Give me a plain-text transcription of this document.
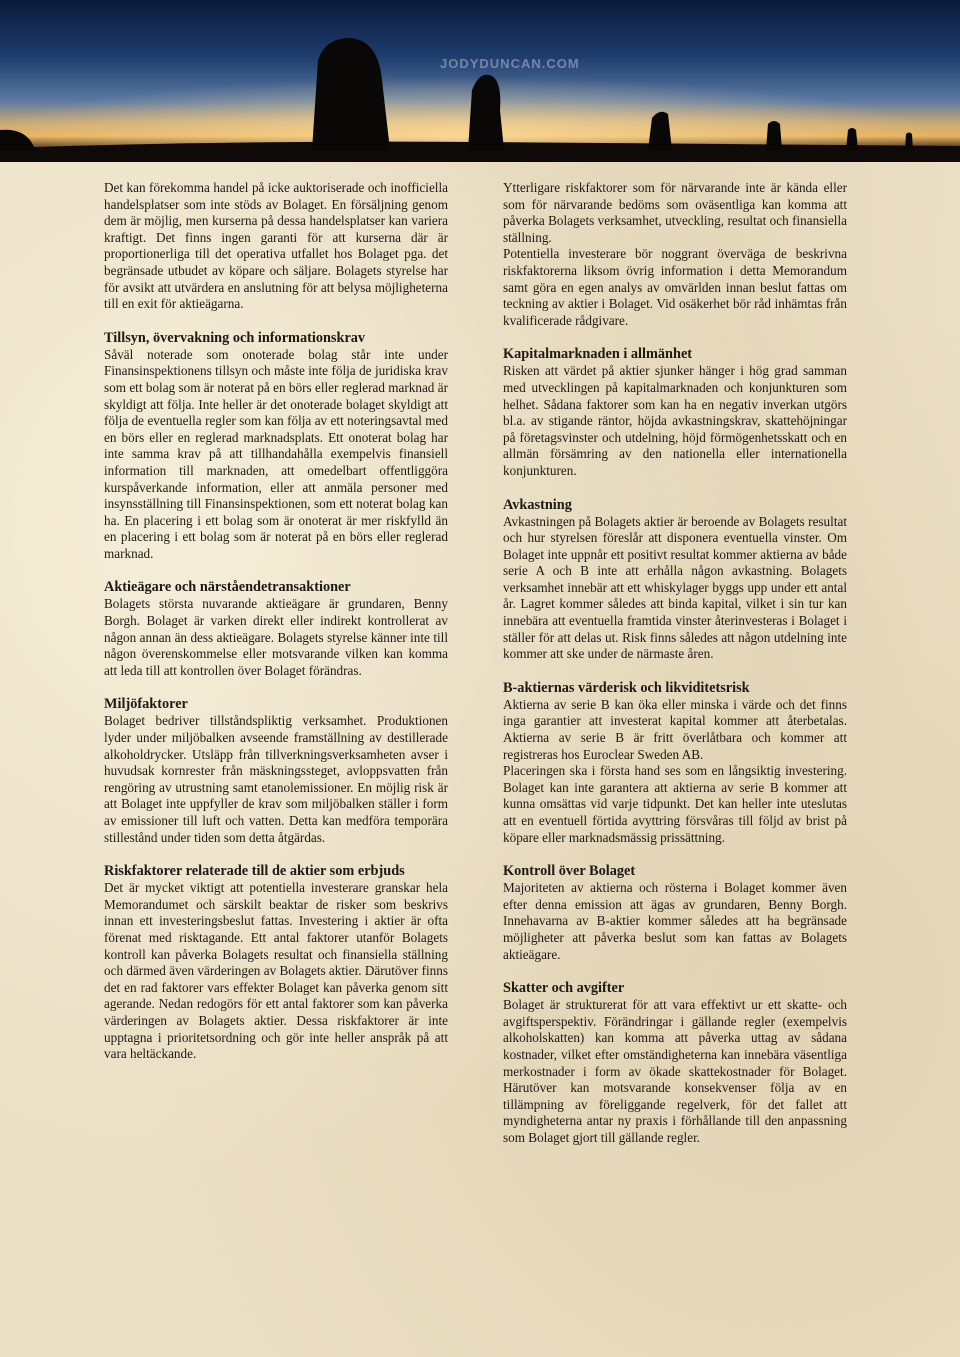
JODYDUNCAN.COM

Det kan förekomma handel på icke auktoriserade och inofficiella handelsplatser som inte stöds av Bolaget. En försäljning genom dem är möjlig, men kurserna på dessa handelsplatser kan variera kraftigt. Det finns ingen garanti för att kurserna där är proportionerliga till det operativa utfallet hos Bolaget pga. det begränsade utbudet av köpare och säljare. Bolagets styrelse har för avsikt att utvärdera en anslutning för att belysa möjligheterna till en exit för aktieägarna.

Tillsyn, övervakning och informationskrav

Såväl noterade som onoterade bolag står inte under Finansinspektionens tillsyn och måste inte följa de juridiska krav som ett bolag som är noterat på en börs eller reglerad marknad är skyldigt att följa. Inte heller är det onoterade bolaget skyldigt att följa de eventuella regler som kan följa av ett noteringsavtal med en börs eller en reglerad marknadsplats. Ett onoterat bolag har inte samma krav på att tillhandahålla exempelvis finansiell information till marknaden, att omedelbart offentliggöra kurspåverkande information, eller att anmäla personer med insynsställning till Finansinspektionen, som ett noterat bolag kan ha. En placering i ett bolag som är onoterat är mer riskfylld än en placering i ett bolag som är noterat på en börs eller reglerad marknad.

Aktieägare och närståendetransaktioner

Bolagets största nuvarande aktieägare är grundaren, Benny Borgh. Bolaget är varken direkt eller indirekt kontrollerat av någon annan än dess aktieägare. Bolagets styrelse känner inte till någon överenskommelse eller motsvarande vilken kan komma att leda till att kontrollen över Bolaget förändras.

Miljöfaktorer

Bolaget bedriver tillståndspliktig verksamhet. Produktionen lyder under miljöbalken avseende framställning av destillerade alkoholdrycker. Utsläpp från tillverkningsverksamheten avser i huvudsak kornrester från mäskningssteget, avloppsvatten från rengöring av utrustning samt etanolemissioner. En möjlig risk är att Bolaget inte uppfyller de krav som miljöbalken ställer i form av emissioner till luft och vatten. Detta kan medföra temporära stillestånd under tiden som detta åtgärdas.

Riskfaktorer relaterade till de aktier som erbjuds

Det är mycket viktigt att potentiella investerare granskar hela Memorandumet och särskilt beaktar de risker som beskrivs innan ett investeringsbeslut fattas. Investering i aktier är ofta förenat med risktagande. Ett antal faktorer utanför Bolagets kontroll kan påverka Bolagets resultat och finansiella ställning och därmed även värderingen av Bolagets aktier. Därutöver finns det en rad faktorer vars effekter Bolaget kan påverka genom sitt agerande. Nedan redogörs för ett antal faktorer som kan påverka värderingen av Bolagets aktier. Dessa riskfaktorer är inte upptagna i prioritetsordning och gör inte heller anspråk på att vara heltäckande.

Ytterligare riskfaktorer som för närvarande inte är kända eller som för närvarande bedöms som oväsentliga kan komma att påverka Bolagets verksamhet, utveckling, resultat och finansiella ställning.

Potentiella investerare bör noggrant överväga de beskrivna riskfaktorerna liksom övrig information i detta Memorandum samt göra en egen analys av omvärlden innan beslut fattas om teckning av aktier i Bolaget. Vid osäkerhet bör råd inhämtas från kvalificerade rådgivare.

Kapitalmarknaden i allmänhet

Risken att värdet på aktier sjunker hänger i hög grad samman med utvecklingen på kapitalmarknaden och konjunkturen som helhet. Sådana faktorer som kan ha en negativ inverkan utgörs bl.a. av stigande räntor, höjda avkastningskrav, skattehöjningar på företagsvinster och utdelning, höjd förmögenhetsskatt och en allmän försämring av den nationella eller internationella konjunkturen.

Avkastning

Avkastningen på Bolagets aktier är beroende av Bolagets resultat och hur styrelsen föreslår att disponera eventuella vinster. Om Bolaget inte uppnår ett positivt resultat kommer aktierna av både serie A och B inte att erhålla någon avkastning. Bolagets verksamhet innebär att ett whiskylager byggs upp under ett antal år. Lagret kommer således att binda kapital, vilket i sin tur kan innebära att eventuella framtida vinster återinvesteras i Bolaget i ställer för att delas ut. Risk finns således att någon utdelning inte kommer att ske under de närmaste åren.

B-aktiernas värderisk och likviditetsrisk

Aktierna av serie B kan öka eller minska i värde och det finns inga garantier att investerat kapital kommer att återbetalas. Aktierna av serie B är fritt överlåtbara och kommer att registreras hos Euroclear Sweden AB.

Placeringen ska i första hand ses som en långsiktig investering. Bolaget kan inte garantera att aktierna av serie B kommer att kunna omsättas vid varje tidpunkt. Det kan heller inte uteslutas att en eventuell förtida avyttring försvåras till följd av brist på köpare eller marknadsmässig prissättning.

Kontroll över Bolaget

Majoriteten av aktierna och rösterna i Bolaget kommer även efter denna emission att ägas av grundaren, Benny Borgh. Innehavarna av B-aktier kommer således att ha begränsade möjligheter att påverka beslut som kan fattas av Bolagets aktieägare.

Skatter och avgifter

Bolaget är strukturerat för att vara effektivt ur ett skatte- och avgiftsperspektiv. Förändringar i gällande regler (exempelvis alkoholskatten) kan komma att påverka uttag av sådana kostnader, vilket efter omständigheterna kan innebära väsentliga merkostnader i form av ökade skattekostnader för Bolaget. Härutöver kan motsvarande konsekvenser följa av en tillämpning av föreliggande regelverk, för det fallet att myndigheterna antar ny praxis i förhållande till den anpassning som Bolaget gjort till gällande regler.
